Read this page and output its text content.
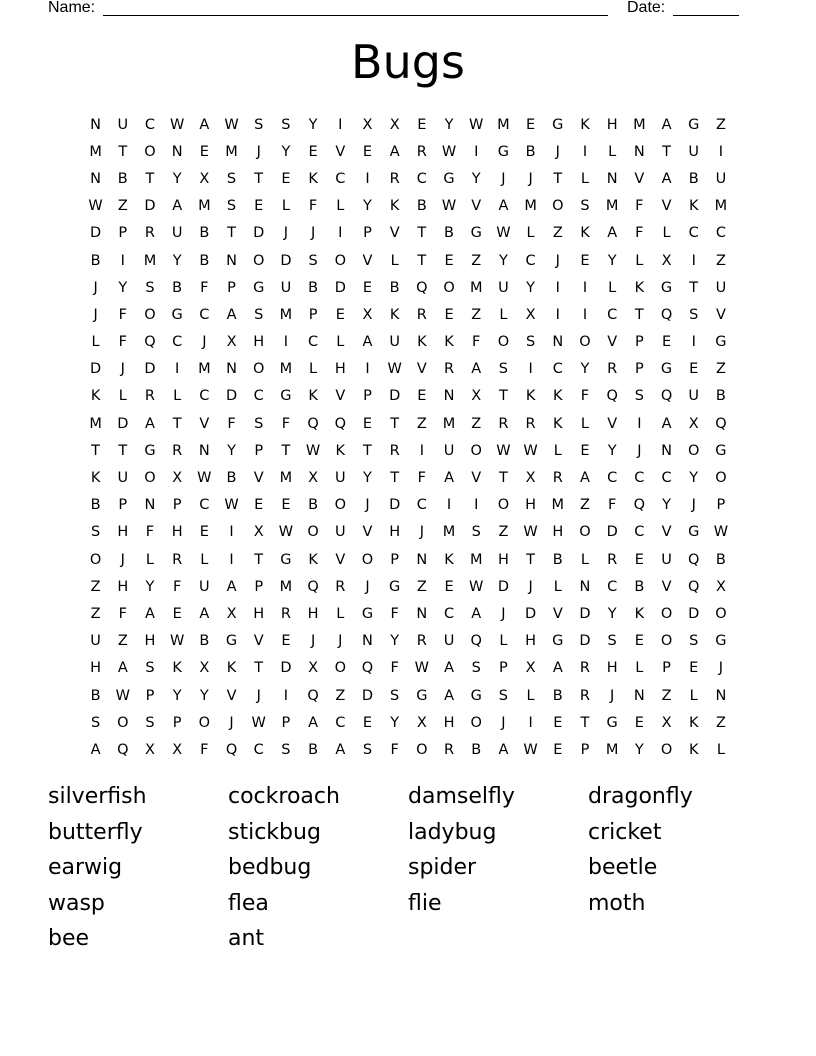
Name:	Date:
Bugs
N	U	C	W	A	W	S	S	Y	I	X	X	E	Y	W M	E	G	K	H	M	A	G	Z
M	T	O	N	E	M	J	Y	E	V	E	A	R	W	I	G	B	J	I	L	N	T	U	I
N	B	T	Y	X	S	T	E	K	C	I	R	C	G	Y	J	J	T	L	N	V	A	B	U
W	Z	D	A	M	S	E	L	F	L	Y	K	B	W	V	A	M	O	S	M	F	V	K	M
D	P	R	U	B	T	D	J	J	I	P	V	T	B	G W	L	Z	K	A	F	L	C	C
B	I	M	Y	B	N	O	D	S	O	V	L	T	E	Z	Y	C	J	E	Y	L	X	I	Z
J	Y	S	B	F	P	G	U	B	D	E	B	Q	O	M	U	Y	I	I	L	K	G	T	U
J	F	O	G	C	A	S	M	P	E	X	K	R	E	Z	L	X	I	I	C	T	Q	S	V
L	F	Q	C	J	X	H	I	C	L	A	U	K	K	F	O	S	N	O	V	P	E	I	G
D	J	D	I	M	N	O	M	L	H	I	W	V	R	A	S	I	C	Y	R	P	G	E	Z
K	L	R	L	C	D	C	G	K	V	P	D	E	N	X	T	K	K	F	Q	S	Q	U	B
M	D	A	T	V	F	S	F	Q	Q	E	T	Z	M	Z	R	R	K	L	V	I	A	X	Q
T	T	G	R	N	Y	P	T	W	K	T	R	I	U	O W W	L	E	Y	J	N	O	G
K	U	O	X	W	B	V	M	X	U	Y	T	F	A	V	T	X	R	A	C	C	C	Y	O
B	P	N	P	C	W	E	E	B	O	J	D	C	I	I	O	H	M	Z	F	Q	Y	J	P
S	H	F	H	E	I	X	W O	U	V	H	J	M	S	Z	W	H	O	D	C	V	G W
O	J	L	R	L	I	T	G	K	V	O	P	N	K	M	H	T	B	L	R	E	U	Q	B
Z	H	Y	F	U	A	P	M	Q	R	J	G	Z	E	W D	J	L	N	C	B	V	Q	X
Z	F	A	E	A	X	H	R	H	L	G	F	N	C	A	J	D	V	D	Y	K	O	D	O
U	Z	H	W	B	G	V	E	J	J	N	Y	R	U	Q	L	H	G	D	S	E	O	S	G
H	A	S	K	X	K	T	D	X	O	Q	F	W	A	S	P	X	A	R	H	L	P	E	J
B	W	P	Y	Y	V	J	I	Q	Z	D	S	G	A	G	S	L	B	R	J	N	Z	L	N
S	O	S	P	O	J	W	P	A	C	E	Y	X	H	O	J	I	E	T	G	E	X	K	Z
A	Q	X	X	F	Q	C	S	B	A	S	F	O	R	B	A	W	E	P	M	Y	O	K	L
silverfish	cockroach	damselfly	dragonfly
butterfly	stickbug	ladybug	cricket
earwig	bedbug	spider	beetle
wasp	flea	flie	moth
bee	ant
